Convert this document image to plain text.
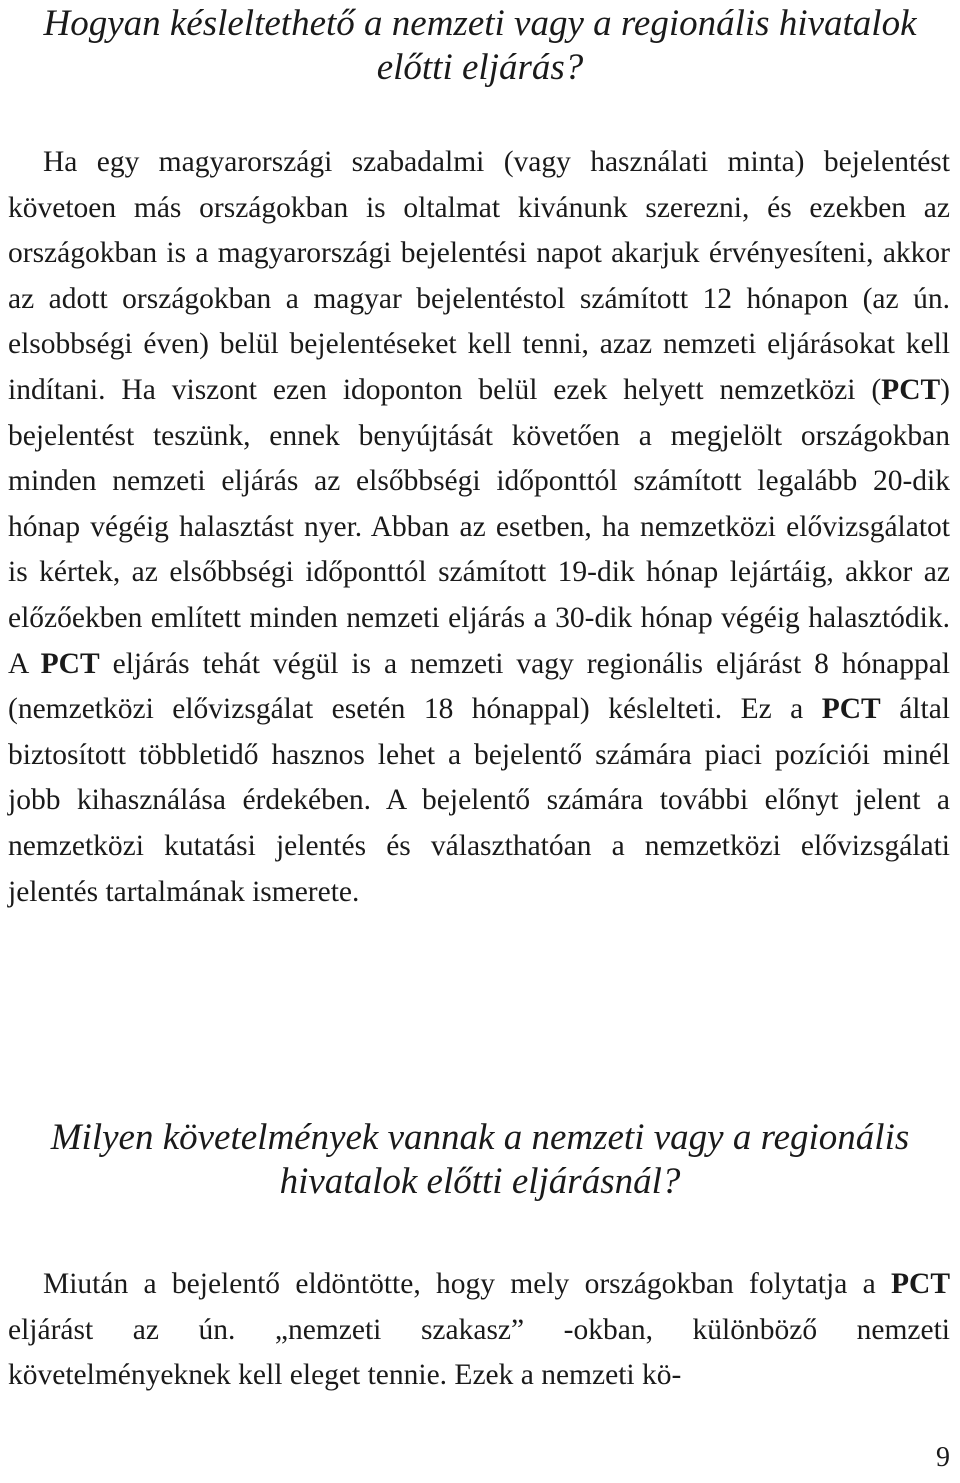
Hogyan késleltethető a nemzeti vagy a regionális hivatalok előtti eljárás?

Ha egy magyarországi szabadalmi (vagy használati minta) bejelentést követoen más országokban is oltalmat kivánunk szerezni, és ezekben az országokban is a magyarországi bejelentési napot akarjuk érvényesíteni, akkor az adott országokban a magyar bejelentéstol számított 12 hónapon (az ún. elsobbségi éven) belül bejelentéseket kell tenni, azaz nemzeti eljárásokat kell indítani. Ha viszont ezen idoponton belül ezek helyett nemzetközi (PCT) bejelentést teszünk, ennek benyújtását követően a megjelölt országokban minden nemzeti eljárás az elsőbbségi időponttól számított legalább 20-dik hónap végéig halasztást nyer. Abban az esetben, ha nemzetközi elővizsgálatot is kértek, az elsőbbségi időponttól számított 19-dik hónap lejártáig, akkor az előzőekben említett minden nemzeti eljárás a 30-dik hónap végéig halasztódik. A PCT eljárás tehát végül is a nemzeti vagy regionális eljárást 8 hónappal (nemzetközi elővizsgálat esetén 18 hónappal) késlelteti. Ez a PCT által biztosított többletidő hasznos lehet a bejelentő számára piaci pozíciói minél jobb kihasználása érdekében. A bejelentő számára további előnyt jelent a nemzetközi kutatási jelentés és választhatóan a nemzetközi elővizsgálati jelentés tartalmának ismerete.

Milyen követelmények vannak a nemzeti vagy a regionális hivatalok előtti eljárásnál?

Miután a bejelentő eldöntötte, hogy mely országokban folytatja a PCT eljárást az ún. „nemzeti szakasz” -okban, különböző nemzeti követelményeknek kell eleget tennie. Ezek a nemzeti kö-

9
